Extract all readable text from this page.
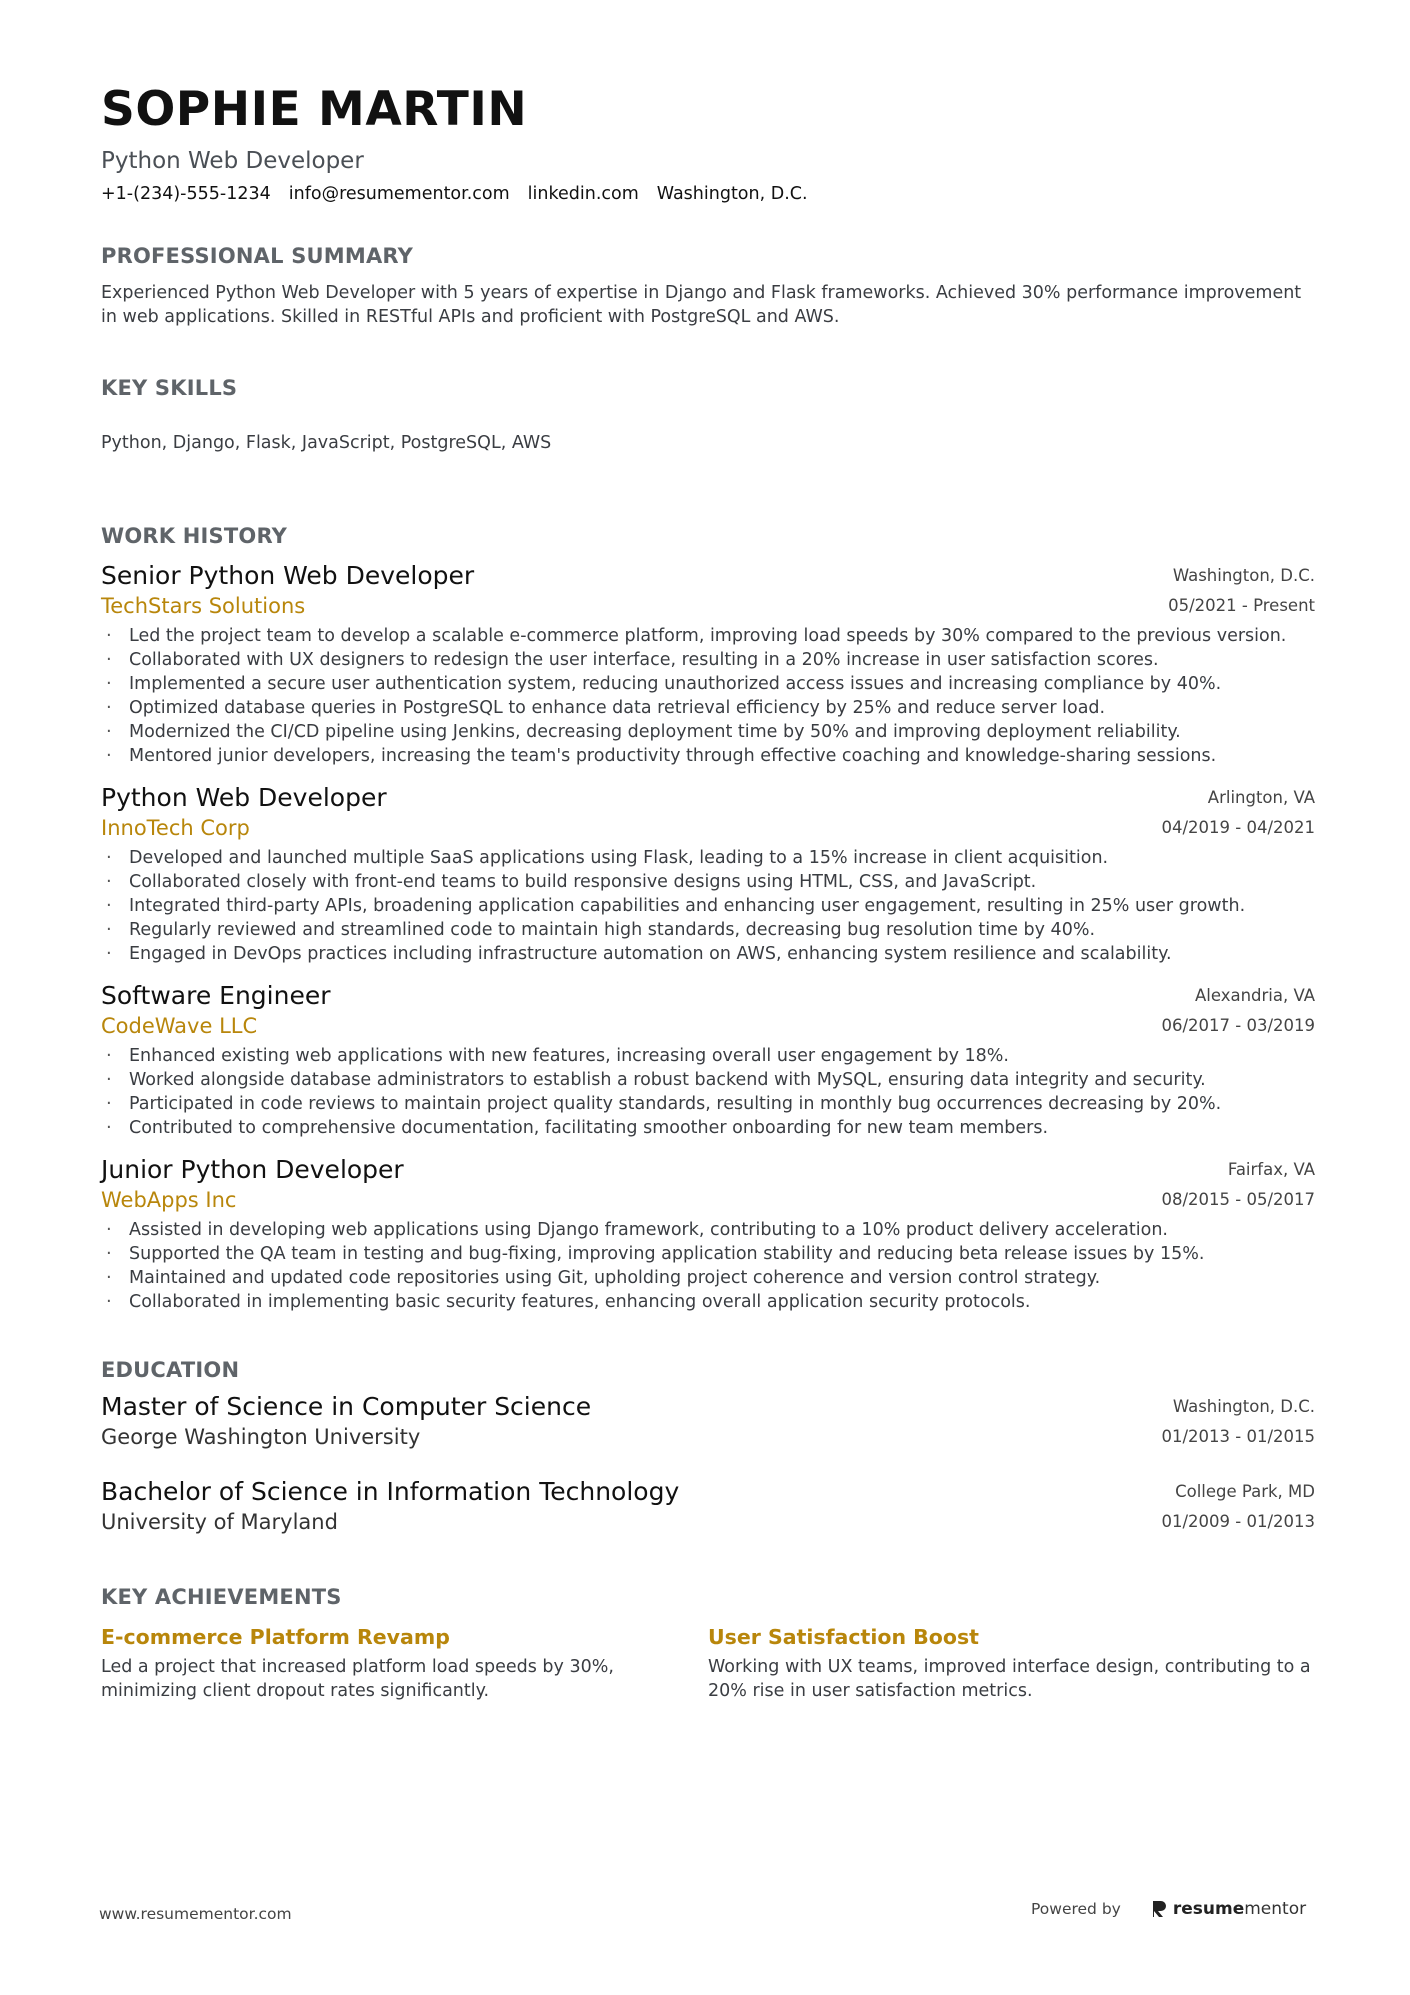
SOPHIE MARTIN
Python Web Developer
+1-(234)-555-1234 info@resumementor.com linkedin.com Washington, D.C.
PROFESSIONAL SUMMARY
Experienced Python Web Developer with 5 years of expertise in Django and Flask frameworks. Achieved 30% performance improvement in web applications. Skilled in RESTful APIs and proficient with PostgreSQL and AWS.
KEY SKILLS
Python, Django, Flask, JavaScript, PostgreSQL, AWS
WORK HISTORY
Senior Python Web Developer
TechStars Solutions
Washington, D.C.
05/2021 - Present
· Led the project team to develop a scalable e-commerce platform, improving load speeds by 30% compared to the previous version.
· Collaborated with UX designers to redesign the user interface, resulting in a 20% increase in user satisfaction scores.
· Implemented a secure user authentication system, reducing unauthorized access issues and increasing compliance by 40%.
· Optimized database queries in PostgreSQL to enhance data retrieval efficiency by 25% and reduce server load.
· Modernized the CI/CD pipeline using Jenkins, decreasing deployment time by 50% and improving deployment reliability.
· Mentored junior developers, increasing the team's productivity through effective coaching and knowledge-sharing sessions.
Python Web Developer
InnoTech Corp
Arlington, VA
04/2019 - 04/2021
· Developed and launched multiple SaaS applications using Flask, leading to a 15% increase in client acquisition.
· Collaborated closely with front-end teams to build responsive designs using HTML, CSS, and JavaScript.
· Integrated third-party APIs, broadening application capabilities and enhancing user engagement, resulting in 25% user growth.
· Regularly reviewed and streamlined code to maintain high standards, decreasing bug resolution time by 40%.
· Engaged in DevOps practices including infrastructure automation on AWS, enhancing system resilience and scalability.
Software Engineer
CodeWave LLC
Alexandria, VA
06/2017 - 03/2019
· Enhanced existing web applications with new features, increasing overall user engagement by 18%.
· Worked alongside database administrators to establish a robust backend with MySQL, ensuring data integrity and security.
· Participated in code reviews to maintain project quality standards, resulting in monthly bug occurrences decreasing by 20%.
· Contributed to comprehensive documentation, facilitating smoother onboarding for new team members.
Junior Python Developer
WebApps Inc
Fairfax, VA
08/2015 - 05/2017
· Assisted in developing web applications using Django framework, contributing to a 10% product delivery acceleration.
· Supported the QA team in testing and bug-fixing, improving application stability and reducing beta release issues by 15%.
· Maintained and updated code repositories using Git, upholding project coherence and version control strategy.
· Collaborated in implementing basic security features, enhancing overall application security protocols.
EDUCATION
Master of Science in Computer Science
George Washington University
Washington, D.C.
01/2013 - 01/2015
Bachelor of Science in Information Technology
University of Maryland
College Park, MD
01/2009 - 01/2013
KEY ACHIEVEMENTS
E-commerce Platform Revamp
Led a project that increased platform load speeds by 30%, minimizing client dropout rates significantly.
User Satisfaction Boost
Working with UX teams, improved interface design, contributing to a 20% rise in user satisfaction metrics.
www.resumementor.com	Powered by	resumementor
